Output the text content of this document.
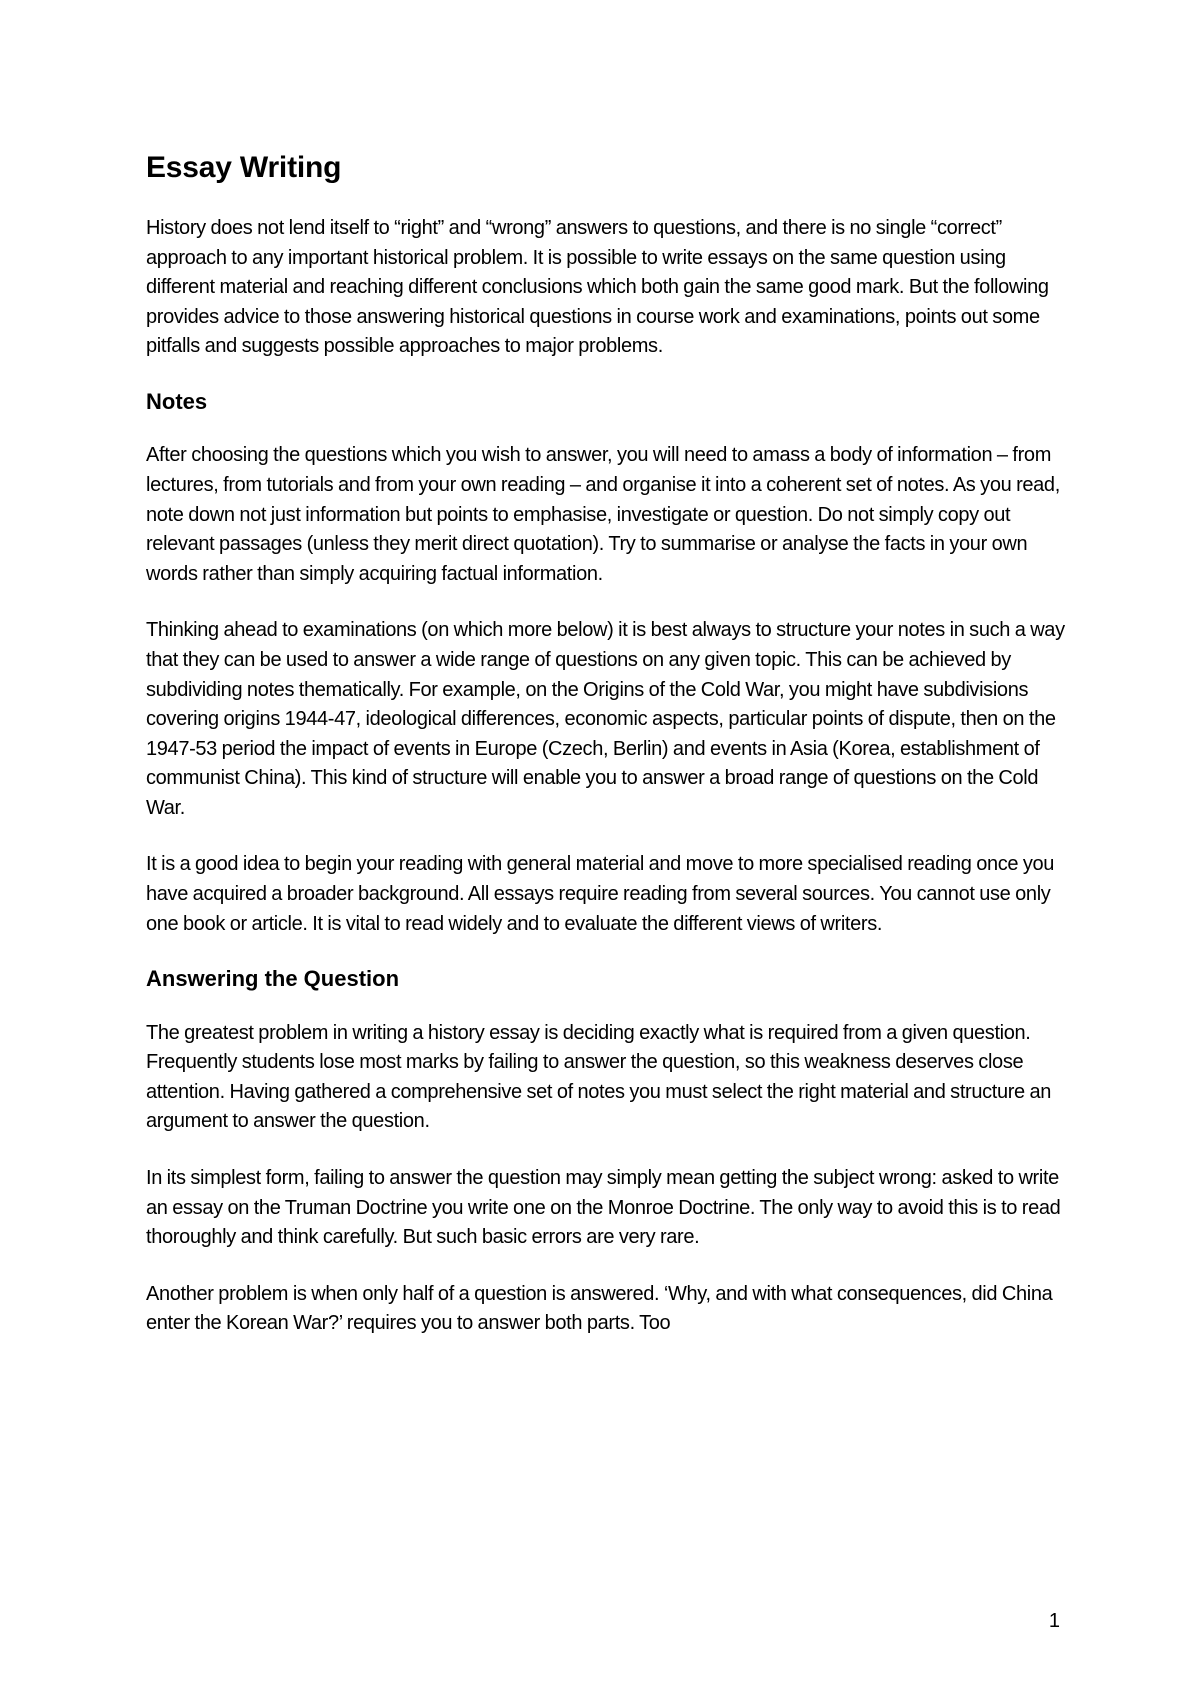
Essay Writing

History does not lend itself to “right” and “wrong” answers to questions, and there is no single “correct” approach to any important historical problem. It is possible to write essays on the same question using different material and reaching different conclusions which both gain the same good mark. But the following provides advice to those answering historical questions in course work and examinations, points out some pitfalls and suggests possible approaches to major problems.

Notes

After choosing the questions which you wish to answer, you will need to amass a body of information – from lectures, from tutorials and from your own reading – and organise it into a coherent set of notes. As you read, note down not just information but points to emphasise, investigate or question. Do not simply copy out relevant passages (unless they merit direct quotation). Try to summarise or analyse the facts in your own words rather than simply acquiring factual information.

Thinking ahead to examinations (on which more below) it is best always to structure your notes in such a way that they can be used to answer a wide range of questions on any given topic. This can be achieved by subdividing notes thematically. For example, on the Origins of the Cold War, you might have subdivisions covering origins 1944-47, ideological differences, economic aspects, particular points of dispute, then on the 1947-53 period the impact of events in Europe (Czech, Berlin) and events in Asia (Korea, establishment of communist China). This kind of structure will enable you to answer a broad range of questions on the Cold War.

It is a good idea to begin your reading with general material and move to more specialised reading once you have acquired a broader background. All essays require reading from several sources. You cannot use only one book or article. It is vital to read widely and to evaluate the different views of writers.

Answering the Question

The greatest problem in writing a history essay is deciding exactly what is required from a given question. Frequently students lose most marks by failing to answer the question, so this weakness deserves close attention. Having gathered a comprehensive set of notes you must select the right material and structure an argument to answer the question.

In its simplest form, failing to answer the question may simply mean getting the subject wrong: asked to write an essay on the Truman Doctrine you write one on the Monroe Doctrine. The only way to avoid this is to read thoroughly and think carefully. But such basic errors are very rare.

Another problem is when only half of a question is answered. ‘Why, and with what consequences, did China enter the Korean War?’ requires you to answer both parts. Too

1
